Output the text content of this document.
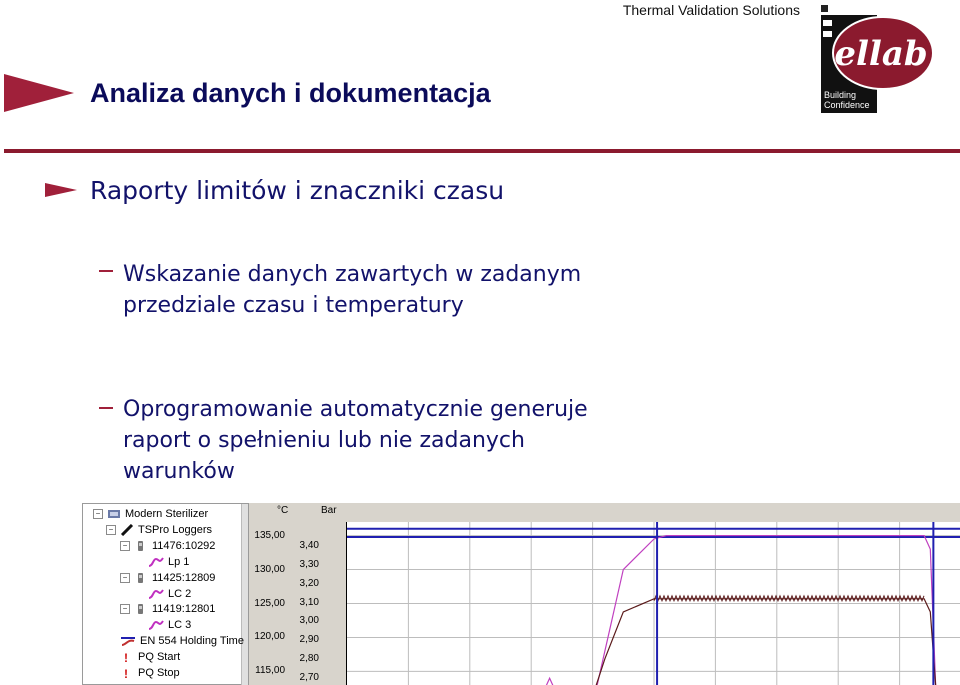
Thermal Validation Solutions
ellab
Building
Confidence
Analiza danych i dokumentacja
Raporty limitów i znaczniki czasu
Wskazanie danych zawartych w zadanym przedziale czasu i temperatury
Oprogramowanie automatycznie generuje raport o spełnieniu lub nie zadanych warunków
− Modern Sterilizer
− TSPro Loggers
− 11476:10292
Lp 1
− 11425:12809
LC 2
− 11419:12801
LC 3
EN 554 Holding Time
! PQ Start
! PQ Stop
°C	Bar
135,00
130,00
125,00
120,00
115,00
3,40
3,30
3,20
3,10
3,00
2,90
2,80
2,70
